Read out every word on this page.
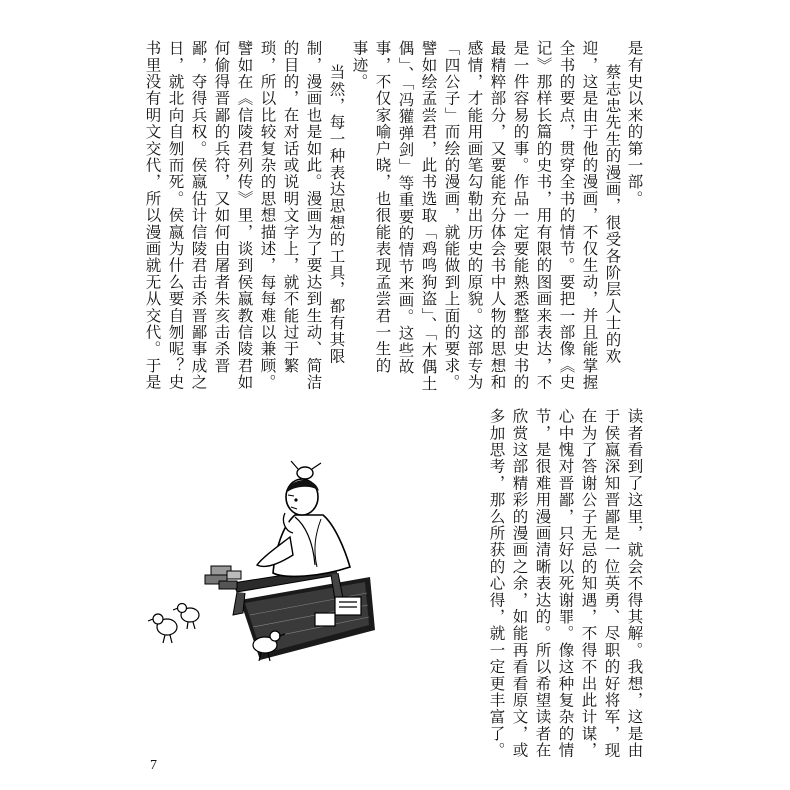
是有史以来的第一部。
蔡志忠先生的漫画，很受各阶层人士的欢
迎，这是由于他的漫画，不仅生动，并且能掌握
全书的要点，贯穿全书的情节。要把一部像《史
记》那样长篇的史书，用有限的图画来表达，不
是一件容易的事。作品一定要能熟悉整部史书的
最精粹部分，又要能充分体会书中人物的思想和
感情，才能用画笔勾勒出历史的原貌。这部专为
「四公子」而绘的漫画，就能做到上面的要求。
譬如绘孟尝君，此书选取「鸡鸣狗盗」、「木偶土
偶」、「冯獾弹剑」等重要的情节来画。这些故
事，不仅家喻户晓，也很能表现孟尝君一生的
事迹。
当然，每一种表达思想的工具，都有其限
制，漫画也是如此。漫画为了要达到生动、简洁
的目的，在对话或说明文字上，就不能过于繁
琐，所以比较复杂的思想描述，每每难以兼顾。
譬如在《信陵君列传》里，谈到侯嬴教信陵君如
何偷得晋鄙的兵符，又如何由屠者朱亥击杀晋
鄙，夺得兵权。侯嬴估计信陵君击杀晋鄙事成之
日，就北向自刎而死。侯嬴为什么要自刎呢？史
书里没有明文交代，所以漫画就无从交代。于是
读者看到了这里，就会不得其解。我想，这是由
于侯嬴深知晋鄙是一位英勇、尽职的好将军，现
在为了答谢公子无忌的知遇，不得不出此计谋，
心中愧对晋鄙，只好以死谢罪。像这种复杂的情
节，是很难用漫画清晰表达的。所以希望读者在
欣赏这部精彩的漫画之余，如能再看看原文，或
多加思考，那么所获的心得，就一定更丰富了。
7
